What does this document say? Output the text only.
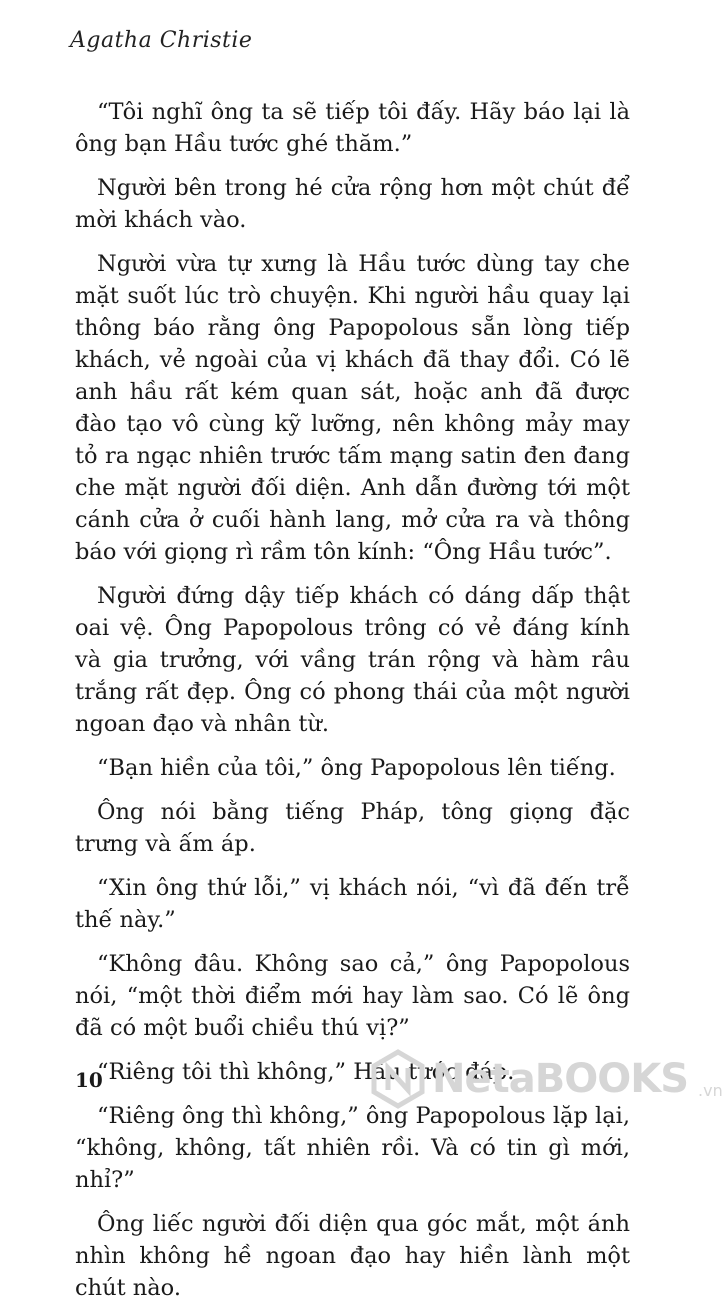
Agatha Christie

“Tôi nghĩ ông ta sẽ tiếp tôi đấy. Hãy báo lại là ông bạn Hầu tước ghé thăm.”

Người bên trong hé cửa rộng hơn một chút để mời khách vào.

Người vừa tự xưng là Hầu tước dùng tay che mặt suốt lúc trò chuyện. Khi người hầu quay lại thông báo rằng ông Papopolous sẵn lòng tiếp khách, vẻ ngoài của vị khách đã thay đổi. Có lẽ anh hầu rất kém quan sát, hoặc anh đã được đào tạo vô cùng kỹ lưỡng, nên không mảy may tỏ ra ngạc nhiên trước tấm mạng satin đen đang che mặt người đối diện. Anh dẫn đường tới một cánh cửa ở cuối hành lang, mở cửa ra và thông báo với giọng rì rầm tôn kính: “Ông Hầu tước”.

Người đứng dậy tiếp khách có dáng dấp thật oai vệ. Ông Papopolous trông có vẻ đáng kính và gia trưởng, với vầng trán rộng và hàm râu trắng rất đẹp. Ông có phong thái của một người ngoan đạo và nhân từ.

“Bạn hiền của tôi,” ông Papopolous lên tiếng.

Ông nói bằng tiếng Pháp, tông giọng đặc trưng và ấm áp.

“Xin ông thứ lỗi,” vị khách nói, “vì đã đến trễ thế này.”

“Không đâu. Không sao cả,” ông Papopolous nói, “một thời điểm mới hay làm sao. Có lẽ ông đã có một buổi chiều thú vị?”

“Riêng tôi thì không,” Hầu tước đáp.

“Riêng ông thì không,” ông Papopolous lặp lại, “không, không, tất nhiên rồi. Và có tin gì mới, nhỉ?”

Ông liếc người đối diện qua góc mắt, một ánh nhìn không hề ngoan đạo hay hiền lành một chút nào.

10	NetaBOOKS .vn
